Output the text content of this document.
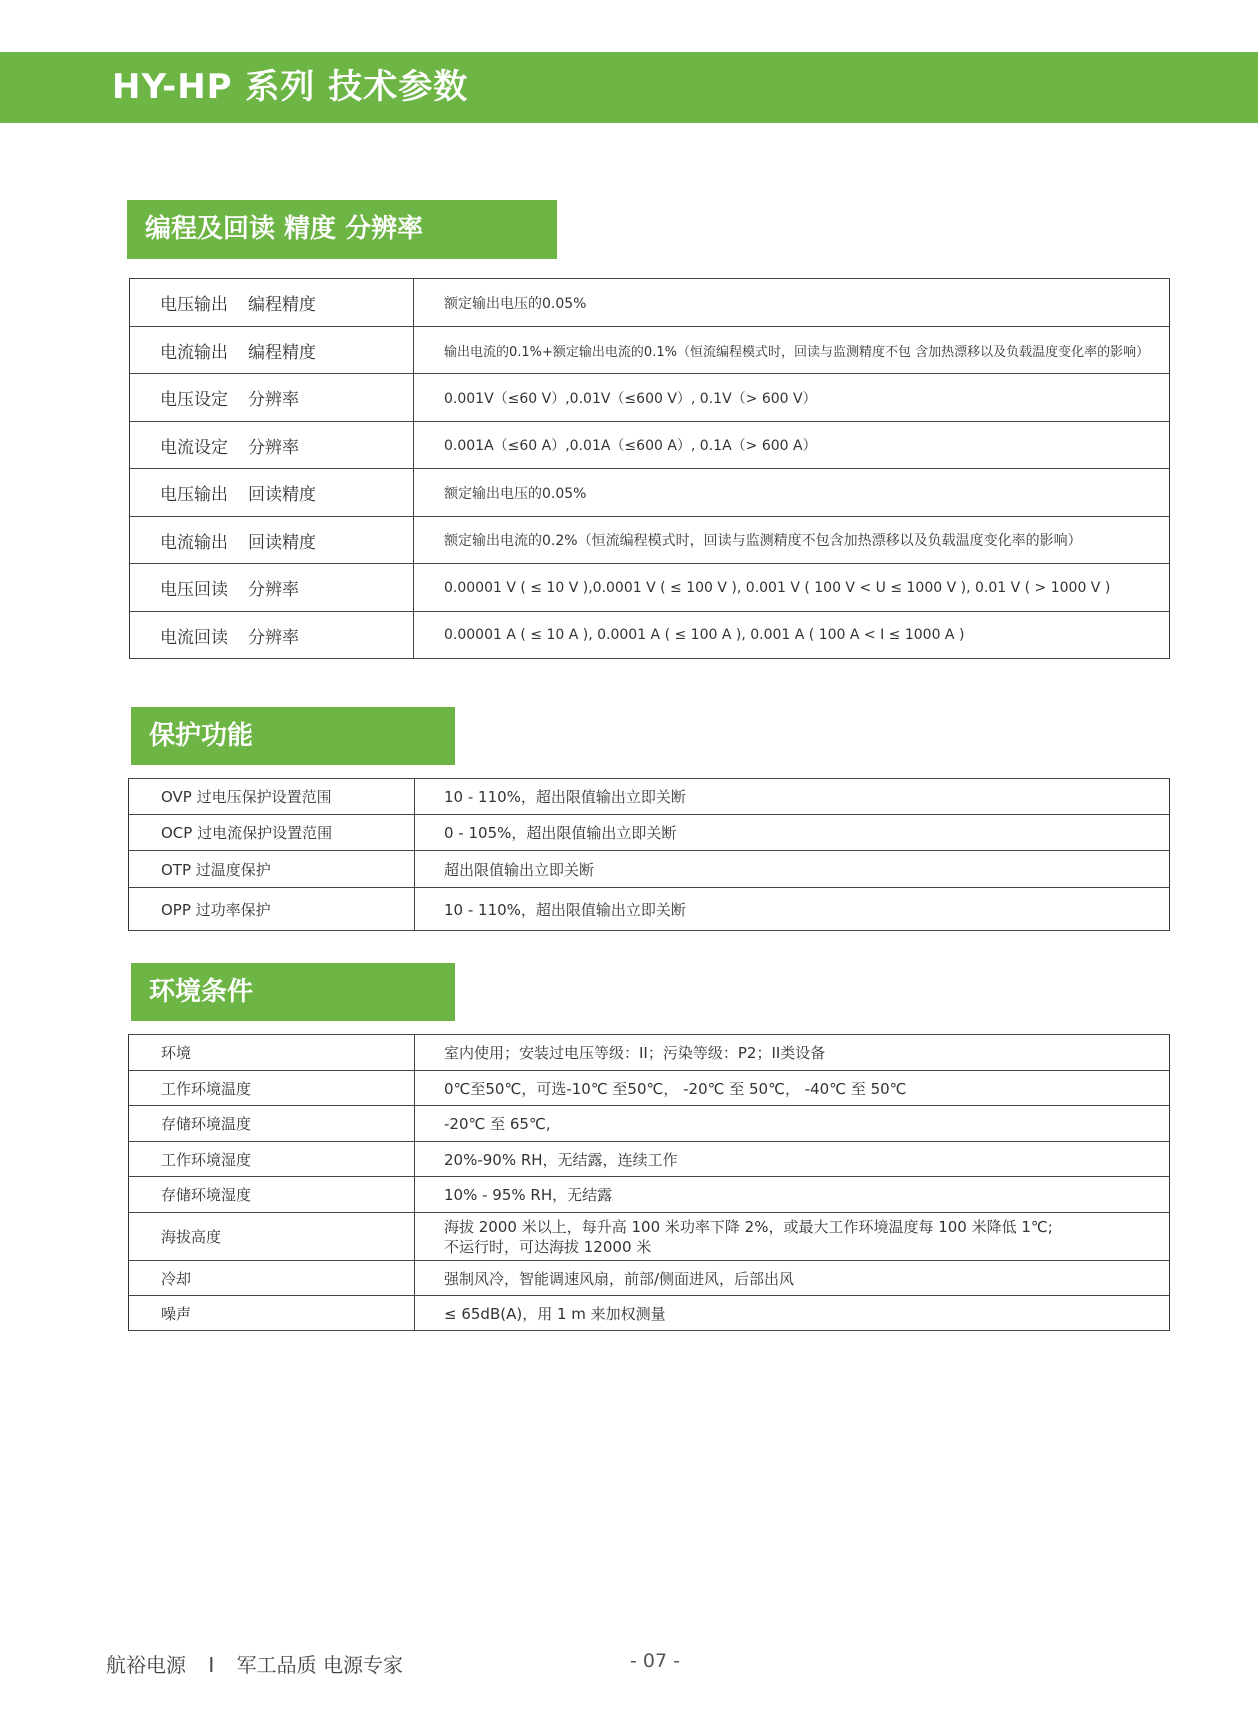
HY-HP 系列 技术参数
编程及回读 精度 分辨率
电压输出 编程精度	额定输出电压的0.05%
电流输出 编程精度	输出电流的0.1%+额定输出电流的0.1%（恒流编程模式时，回读与监测精度不包 含加热漂移以及负载温度变化率的影响）
电压设定 分辨率	0.001V（≤60 V）,0.01V（≤600 V）, 0.1V（> 600 V）
电流设定 分辨率	0.001A（≤60 A）,0.01A（≤600 A）, 0.1A（> 600 A）
电压输出 回读精度	额定输出电压的0.05%
电流输出 回读精度	额定输出电流的0.2%（恒流编程模式时，回读与监测精度不包含加热漂移以及负载温度变化率的影响）
电压回读 分辨率	0.00001 V ( ≤ 10 V ),0.0001 V ( ≤ 100 V ), 0.001 V ( 100 V < U ≤ 1000 V ), 0.01 V ( > 1000 V )
电流回读 分辨率	0.00001 A ( ≤ 10 A ), 0.0001 A ( ≤ 100 A ), 0.001 A ( 100 A < I ≤ 1000 A )
保护功能
OVP 过电压保护设置范围	10 - 110%，超出限值输出立即关断
OCP 过电流保护设置范围	0 - 105%，超出限值输出立即关断
OTP 过温度保护	超出限值输出立即关断
OPP 过功率保护	10 - 110%，超出限值输出立即关断
环境条件
环境	室内使用；安装过电压等级：II；污染等级：P2；II类设备
工作环境温度	0℃至50℃，可选-10℃ 至50℃， -20℃ 至 50℃， -40℃ 至 50℃
存储环境温度	-20℃ 至 65℃,
工作环境湿度	20%-90% RH，无结露，连续工作
存储环境湿度	10% - 95% RH，无结露
海拔高度	海拔 2000 米以上，每升高 100 米功率下降 2%，或最大工作环境温度每 100 米降低 1℃;
不运行时，可达海拔 12000 米

冷却	强制风冷，智能调速风扇，前部/侧面进风，后部出风
噪声	≤ 65dB(A)，用 1 m 来加权测量
航裕电源 I 军工品质 电源专家	- 07 -
